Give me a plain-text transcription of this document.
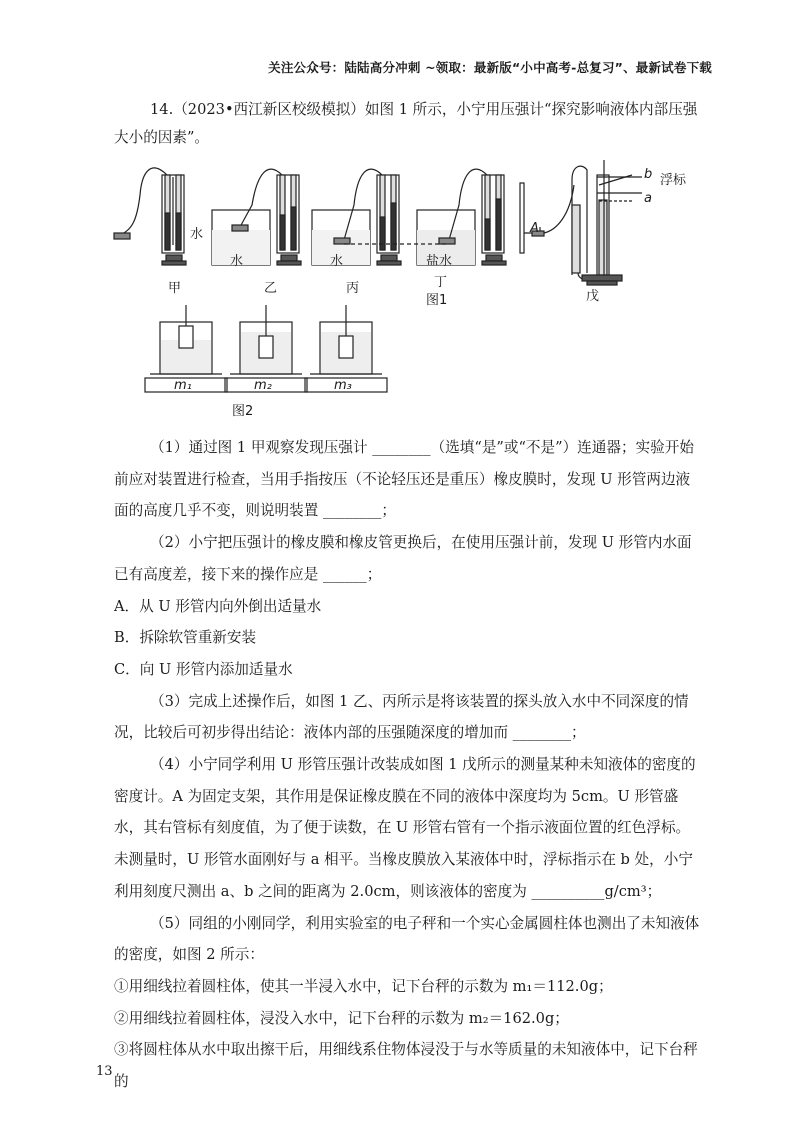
关注公众号：陆陆高分冲刺 ~领取：最新版“小中高考-总复习”、最新试卷下载

14.（2023•西江新区校级模拟）如图 1 所示，小宁用压强计“探究影响液体内部压强大小的因素”。

水
水	水	盐水
A
b
a
浮标
甲	乙	丙	丁
图1	戊
m₁	m₂	m₃
图2

（1）通过图 1 甲观察发现压强计 ________（选填“是”或“不是”）连通器；实验开始前应对装置进行检查，当用手指按压（不论轻压还是重压）橡皮膜时，发现 U 形管两边液面的高度几乎不变，则说明装置 ________；

（2）小宁把压强计的橡皮膜和橡皮管更换后，在使用压强计前，发现 U 形管内水面已有高度差，接下来的操作应是 ______；

A．从 U 形管内向外倒出适量水

B．拆除软管重新安装

C．向 U 形管内添加适量水

（3）完成上述操作后，如图 1 乙、丙所示是将该装置的探头放入水中不同深度的情况，比较后可初步得出结论：液体内部的压强随深度的增加而 ________；

（4）小宁同学利用 U 形管压强计改装成如图 1 戊所示的测量某种未知液体的密度的密度计。A 为固定支架，其作用是保证橡皮膜在不同的液体中深度均为 5cm。U 形管盛水，其右管标有刻度值，为了便于读数，在 U 形管右管有一个指示液面位置的红色浮标。未测量时，U 形管水面刚好与 a 相平。当橡皮膜放入某液体中时，浮标指示在 b 处，小宁利用刻度尺测出 a、b 之间的距离为 2.0cm，则该液体的密度为 __________g/cm³；

（5）同组的小刚同学，利用实验室的电子秤和一个实心金属圆柱体也测出了未知液体的密度，如图 2 所示：

①用细线拉着圆柱体，使其一半浸入水中，记下台秤的示数为 m₁＝112.0g；

②用细线拉着圆柱体，浸没入水中，记下台秤的示数为 m₂＝162.0g；

③将圆柱体从水中取出擦干后，用细线系住物体浸没于与水等质量的未知液体中，记下台秤的

13
